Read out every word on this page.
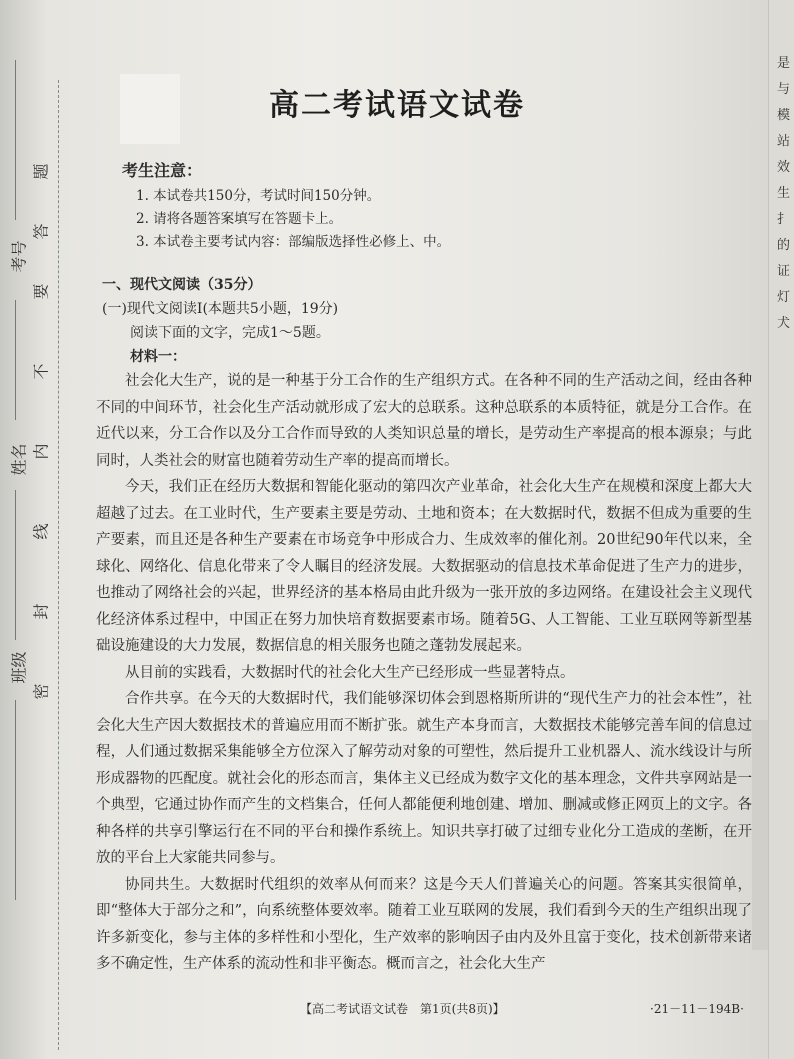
是
与
模
站
效
生
扌
的
证
灯
犬
考号
姓名
班级
密
封
线
内
不
要
答
题
高二考试语文试卷
考生注意：
1. 本试卷共150分，考试时间150分钟。
2. 请将各题答案填写在答题卡上。
3. 本试卷主要考试内容：部编版选择性必修上、中。
一、现代文阅读（35分）
(一)现代文阅读Ⅰ(本题共5小题，19分)
阅读下面的文字，完成1～5题。
材料一：

社会化大生产，说的是一种基于分工合作的生产组织方式。在各种不同的生产活动之间，经由各种不同的中间环节，社会化生产活动就形成了宏大的总联系。这种总联系的本质特征，就是分工合作。在近代以来，分工合作以及分工合作而导致的人类知识总量的增长，是劳动生产率提高的根本源泉；与此同时，人类社会的财富也随着劳动生产率的提高而增长。

今天，我们正在经历大数据和智能化驱动的第四次产业革命，社会化大生产在规模和深度上都大大超越了过去。在工业时代，生产要素主要是劳动、土地和资本；在大数据时代，数据不但成为重要的生产要素，而且还是各种生产要素在市场竞争中形成合力、生成效率的催化剂。20世纪90年代以来，全球化、网络化、信息化带来了令人瞩目的经济发展。大数据驱动的信息技术革命促进了生产力的进步，也推动了网络社会的兴起，世界经济的基本格局由此升级为一张开放的多边网络。在建设社会主义现代化经济体系过程中，中国正在努力加快培育数据要素市场。随着5G、人工智能、工业互联网等新型基础设施建设的大力发展，数据信息的相关服务也随之蓬勃发展起来。

从目前的实践看，大数据时代的社会化大生产已经形成一些显著特点。

合作共享。在今天的大数据时代，我们能够深切体会到恩格斯所讲的“现代生产力的社会本性”，社会化大生产因大数据技术的普遍应用而不断扩张。就生产本身而言，大数据技术能够完善车间的信息过程，人们通过数据采集能够全方位深入了解劳动对象的可塑性，然后提升工业机器人、流水线设计与所形成器物的匹配度。就社会化的形态而言，集体主义已经成为数字文化的基本理念，文件共享网站是一个典型，它通过协作而产生的文档集合，任何人都能便利地创建、增加、删减或修正网页上的文字。各种各样的共享引擎运行在不同的平台和操作系统上。知识共享打破了过细专业化分工造成的垄断，在开放的平台上大家能共同参与。

协同共生。大数据时代组织的效率从何而来？这是今天人们普遍关心的问题。答案其实很简单，即“整体大于部分之和”，向系统整体要效率。随着工业互联网的发展，我们看到今天的生产组织出现了许多新变化，参与主体的多样性和小型化，生产效率的影响因子由内及外且富于变化，技术创新带来诸多不确定性，生产体系的流动性和非平衡态。概而言之，社会化大生产

【高二考试语文试卷　第1页(共8页)】	·21－11－194B·
